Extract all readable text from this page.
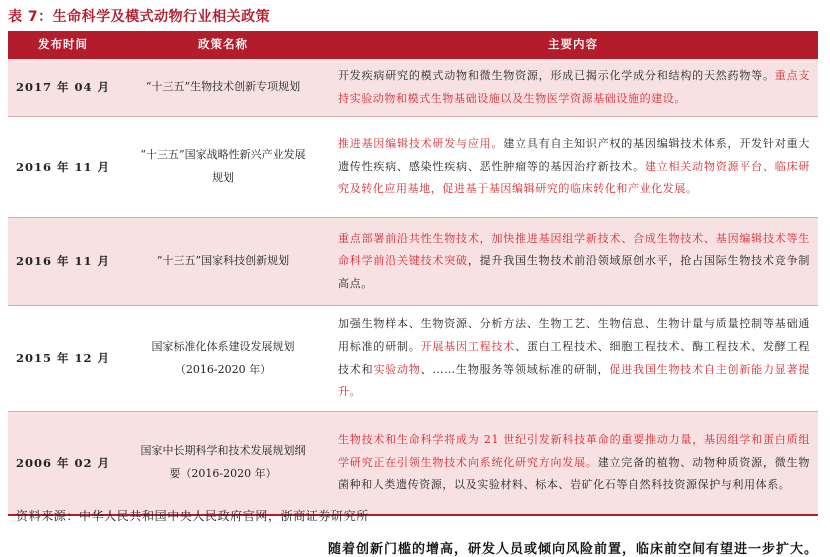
表 7：生命科学及模式动物行业相关政策
发布时间	政策名称	主要内容
2017 年 04 月	“十三五”生物技术创新专项规划	开发疾病研究的模式动物和微生物资源，形成已揭示化学成分和结构的天然药物等。重点支持实验动物和模式生物基础设施以及生物医学资源基础设施的建设。
2016 年 11 月	“十三五”国家战略性新兴产业发展规划	推进基因编辑技术研发与应用。建立具有自主知识产权的基因编辑技术体系，开发针对重大遗传性疾病、感染性疾病、恶性肿瘤等的基因治疗新技术。建立相关动物资源平台、临床研究及转化应用基地，促进基于基因编辑研究的临床转化和产业化发展。
2016 年 11 月	“十三五”国家科技创新规划	重点部署前沿共性生物技术，加快推进基因组学新技术、合成生物技术、基因编辑技术等生命科学前沿关键技术突破，提升我国生物技术前沿领域原创水平，抢占国际生物技术竞争制高点。
2015 年 12 月	国家标准化体系建设发展规划（2016-2020 年）	加强生物样本、生物资源、分析方法、生物工艺、生物信息、生物计量与质量控制等基础通用标准的研制。开展基因工程技术、蛋白工程技术、细胞工程技术、酶工程技术、发酵工程技术和实验动物、……生物服务等领域标准的研制，促进我国生物技术自主创新能力显著提升。
2006 年 02 月	国家中长期科学和技术发展规划纲要（2016-2020 年）	生物技术和生命科学将成为 21 世纪引发新科技革命的重要推动力量，基因组学和蛋白质组学研究正在引领生物技术向系统化研究方向发展。建立完备的植物、动物种质资源，微生物菌种和人类遗传资源，以及实验材料、标本、岩矿化石等自然科技资源保护与利用体系。
资料来源：中华人民共和国中央人民政府官网，浙商证券研究所
随着创新门槛的增高，研发人员或倾向风险前置，临床前空间有望进一步扩大。
